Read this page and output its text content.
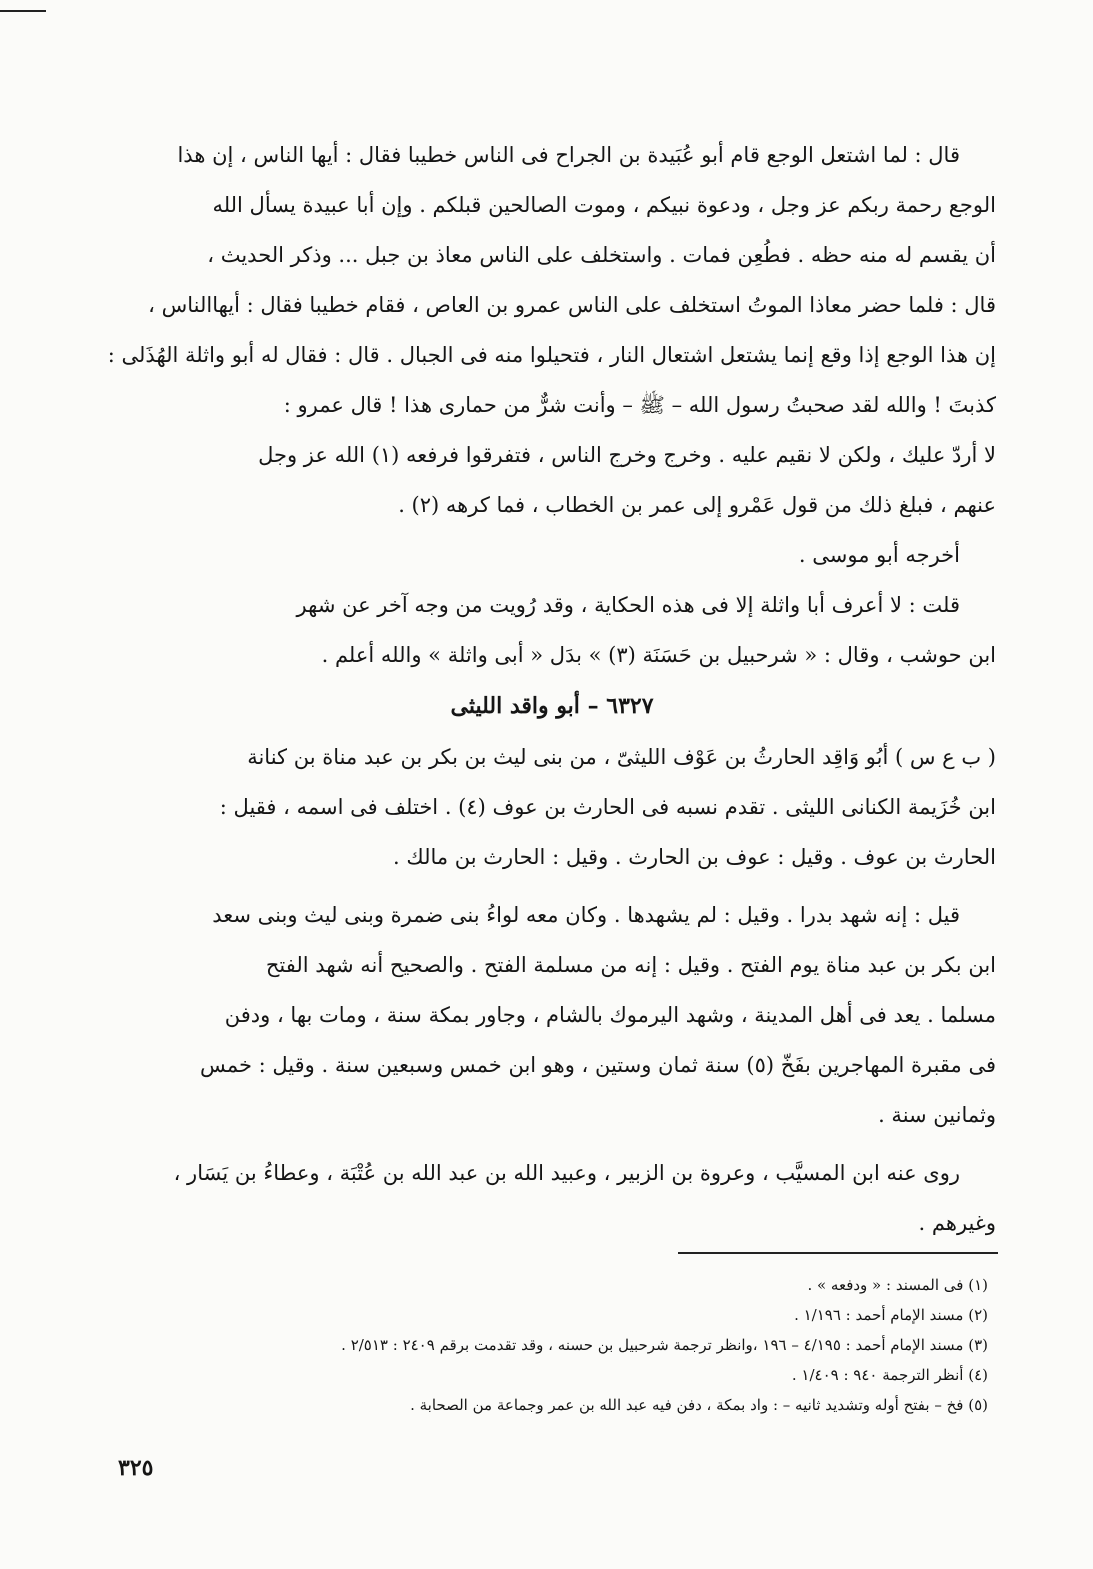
قال : لما اشتعل الوجع قام أبو عُبَيدة بن الجراح فى الناس خطيبا فقال : أيها الناس ، إن هذا
الوجع رحمة ربكم عز وجل ، ودعوة نبيكم ، وموت الصالحين قبلكم . وإن أبا عبيدة يسأل الله
أن يقسم له منه حظه . فطُعِن فمات . واستخلف على الناس معاذ بن جبل ... وذكر الحديث ،
قال : فلما حضر معاذا الموتُ استخلف على الناس عمرو بن العاص ، فقام خطيبا فقال : أيهاالناس ،
إن هذا الوجع إذا وقع إنما يشتعل اشتعال النار ، فتحيلوا منه فى الجبال . قال : فقال له أبو واثلة الهُذَلى :
كذبتَ ! والله لقد صحبتُ رسول الله – ﷺ – وأنت شرٌّ من حمارى هذا ! قال عمرو :
لا أردّ عليك ، ولكن لا نقيم عليه . وخرج وخرج الناس ، فتفرقوا فرفعه (١) الله عز وجل
عنهم ، فبلغ ذلك من قول عَمْرو إلى عمر بن الخطاب ، فما كرهه (٢) .
أخرجه أبو موسى .
قلت : لا أعرف أبا واثلة إلا فى هذه الحكاية ، وقد رُويت من وجه آخر عن شهر
ابن حوشب ، وقال : « شرحبيل بن حَسَنَة (٣) » بدَل « أبى واثلة » والله أعلم .
٦٣٢٧ – أبو واقد الليثى
( ب ع س ) أبُو وَاقِد الحارثُ بن عَوْف الليثىّ ، من بنى ليث بن بكر بن عبد مناة بن كنانة
ابن خُزَيمة الكنانى الليثى . تقدم نسبه فى الحارث بن عوف (٤) . اختلف فى اسمه ، فقيل :
الحارث بن عوف . وقيل : عوف بن الحارث . وقيل : الحارث بن مالك .
قيل : إنه شهد بدرا . وقيل : لم يشهدها . وكان معه لواءُ بنى ضمرة وبنى ليث وبنى سعد
ابن بكر بن عبد مناة يوم الفتح . وقيل : إنه من مسلمة الفتح . والصحيح أنه شهد الفتح
مسلما . يعد فى أهل المدينة ، وشهد اليرموك بالشام ، وجاور بمكة سنة ، ومات بها ، ودفن
فى مقبرة المهاجرين بفَخّ (٥) سنة ثمان وستين ، وهو ابن خمس وسبعين سنة . وقيل : خمس
وثمانين سنة .
روى عنه ابن المسيَّب ، وعروة بن الزبير ، وعبيد الله بن عبد الله بن عُتْبَة ، وعطاءُ بن يَسَار ،
وغيرهم .
(١) فى المسند : « ودفعه » .
(٢) مسند الإمام أحمد : ١/١٩٦ .
(٣) مسند الإمام أحمد : ٤/١٩٥ – ١٩٦ ،وانظر ترجمة شرحبيل بن حسنه ، وقد تقدمت برقم ٢٤٠٩ : ٢/٥١٣ .
(٤) أنظر الترجمة ٩٤٠ : ١/٤٠٩ .
(٥) فخ – بفتح أوله وتشديد ثانيه – : واد بمكة ، دفن فيه عبد الله بن عمر وجماعة من الصحابة .
٣٢٥
